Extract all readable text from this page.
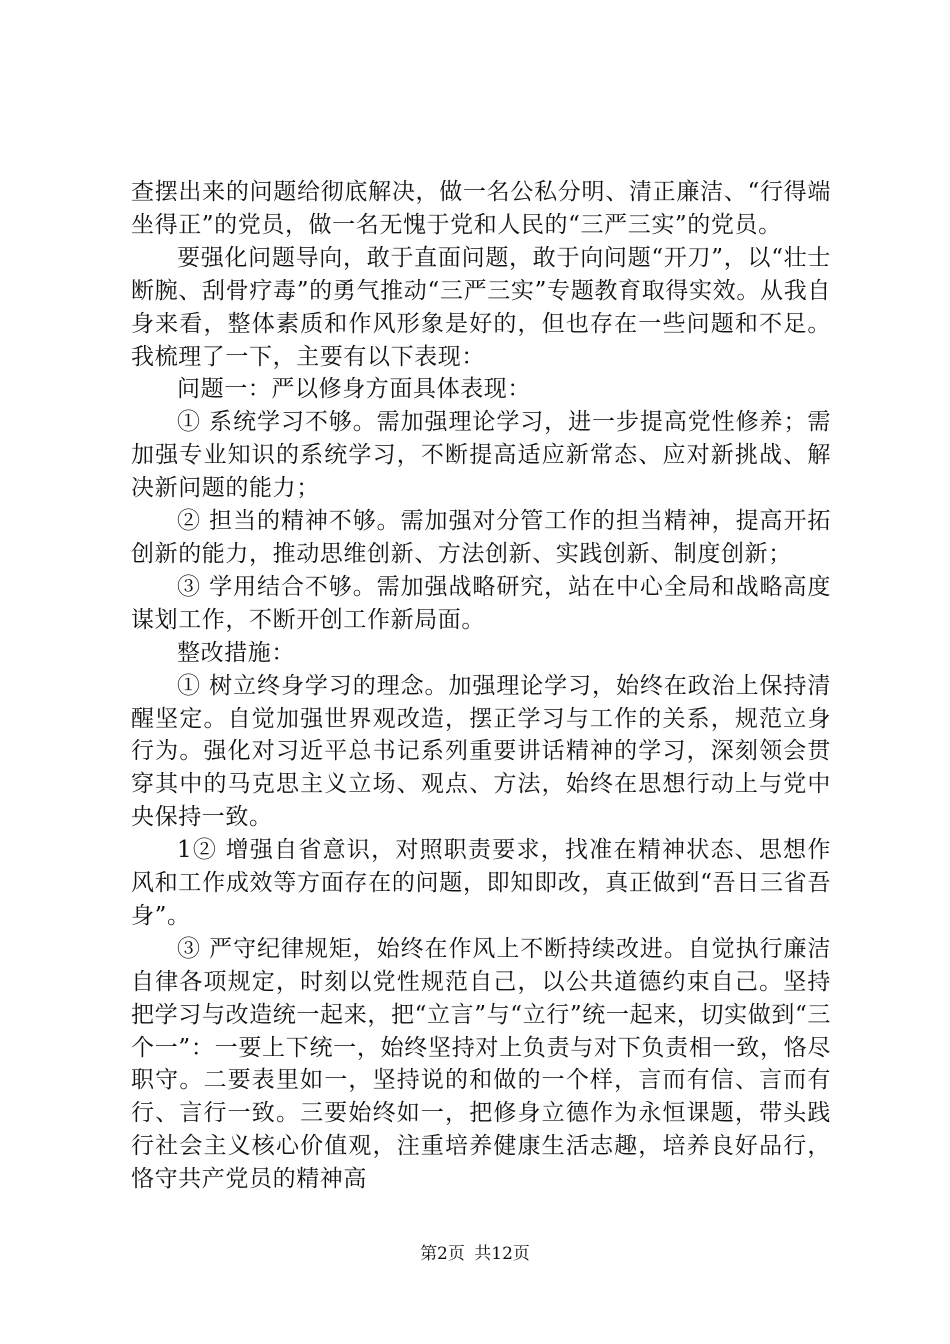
查摆出来的问题给彻底解决，做一名公私分明、清正廉洁、“行得端坐得正”的党员，做一名无愧于党和人民的“三严三实”的党员。

要强化问题导向，敢于直面问题，敢于向问题“开刀”，以“壮士断腕、刮骨疗毒”的勇气推动“三严三实”专题教育取得实效。从我自身来看，整体素质和作风形象是好的，但也存在一些问题和不足。我梳理了一下，主要有以下表现：

问题一：严以修身方面具体表现：

① 系统学习不够。需加强理论学习，进一步提高党性修养；需加强专业知识的系统学习，不断提高适应新常态、应对新挑战、解决新问题的能力；

② 担当的精神不够。需加强对分管工作的担当精神，提高开拓创新的能力，推动思维创新、方法创新、实践创新、制度创新；

③ 学用结合不够。需加强战略研究，站在中心全局和战略高度谋划工作，不断开创工作新局面。

整改措施：

① 树立终身学习的理念。加强理论学习，始终在政治上保持清醒坚定。自觉加强世界观改造，摆正学习与工作的关系，规范立身行为。强化对习近平总书记系列重要讲话精神的学习，深刻领会贯穿其中的马克思主义立场、观点、方法，始终在思想行动上与党中央保持一致。

1② 增强自省意识，对照职责要求，找准在精神状态、思想作风和工作成效等方面存在的问题，即知即改，真正做到“吾日三省吾身”。

③ 严守纪律规矩，始终在作风上不断持续改进。自觉执行廉洁自律各项规定，时刻以党性规范自己，以公共道德约束自己。坚持把学习与改造统一起来，把“立言”与“立行”统一起来，切实做到“三个一”：一要上下统一，始终坚持对上负责与对下负责相一致，恪尽职守。二要表里如一，坚持说的和做的一个样，言而有信、言而有行、言行一致。三要始终如一，把修身立德作为永恒课题，带头践行社会主义核心价值观，注重培养健康生活志趣，培养良好品行，恪守共产党员的精神高

第2页 共12页
